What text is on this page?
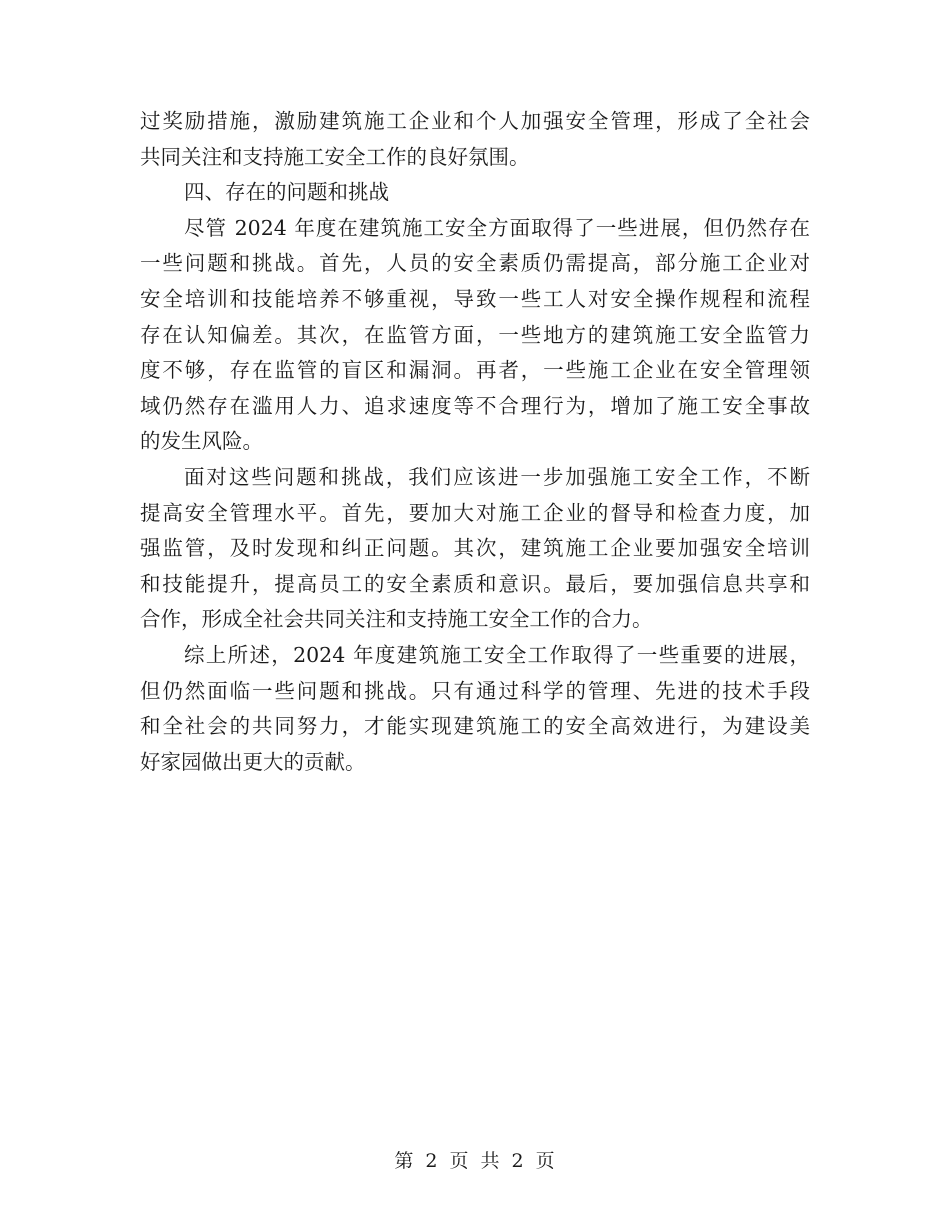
过奖励措施，激励建筑施工企业和个人加强安全管理，形成了全社会
共同关注和支持施工安全工作的良好氛围。
四、存在的问题和挑战
尽管 2024 年度在建筑施工安全方面取得了一些进展，但仍然存在
一些问题和挑战。首先，人员的安全素质仍需提高，部分施工企业对
安全培训和技能培养不够重视，导致一些工人对安全操作规程和流程
存在认知偏差。其次，在监管方面，一些地方的建筑施工安全监管力
度不够，存在监管的盲区和漏洞。再者，一些施工企业在安全管理领
域仍然存在滥用人力、追求速度等不合理行为，增加了施工安全事故
的发生风险。
面对这些问题和挑战，我们应该进一步加强施工安全工作，不断
提高安全管理水平。首先，要加大对施工企业的督导和检查力度，加
强监管，及时发现和纠正问题。其次，建筑施工企业要加强安全培训
和技能提升，提高员工的安全素质和意识。最后，要加强信息共享和
合作，形成全社会共同关注和支持施工安全工作的合力。
综上所述，2024 年度建筑施工安全工作取得了一些重要的进展，
但仍然面临一些问题和挑战。只有通过科学的管理、先进的技术手段
和全社会的共同努力，才能实现建筑施工的安全高效进行，为建设美
好家园做出更大的贡献。
第 2 页 共 2 页
